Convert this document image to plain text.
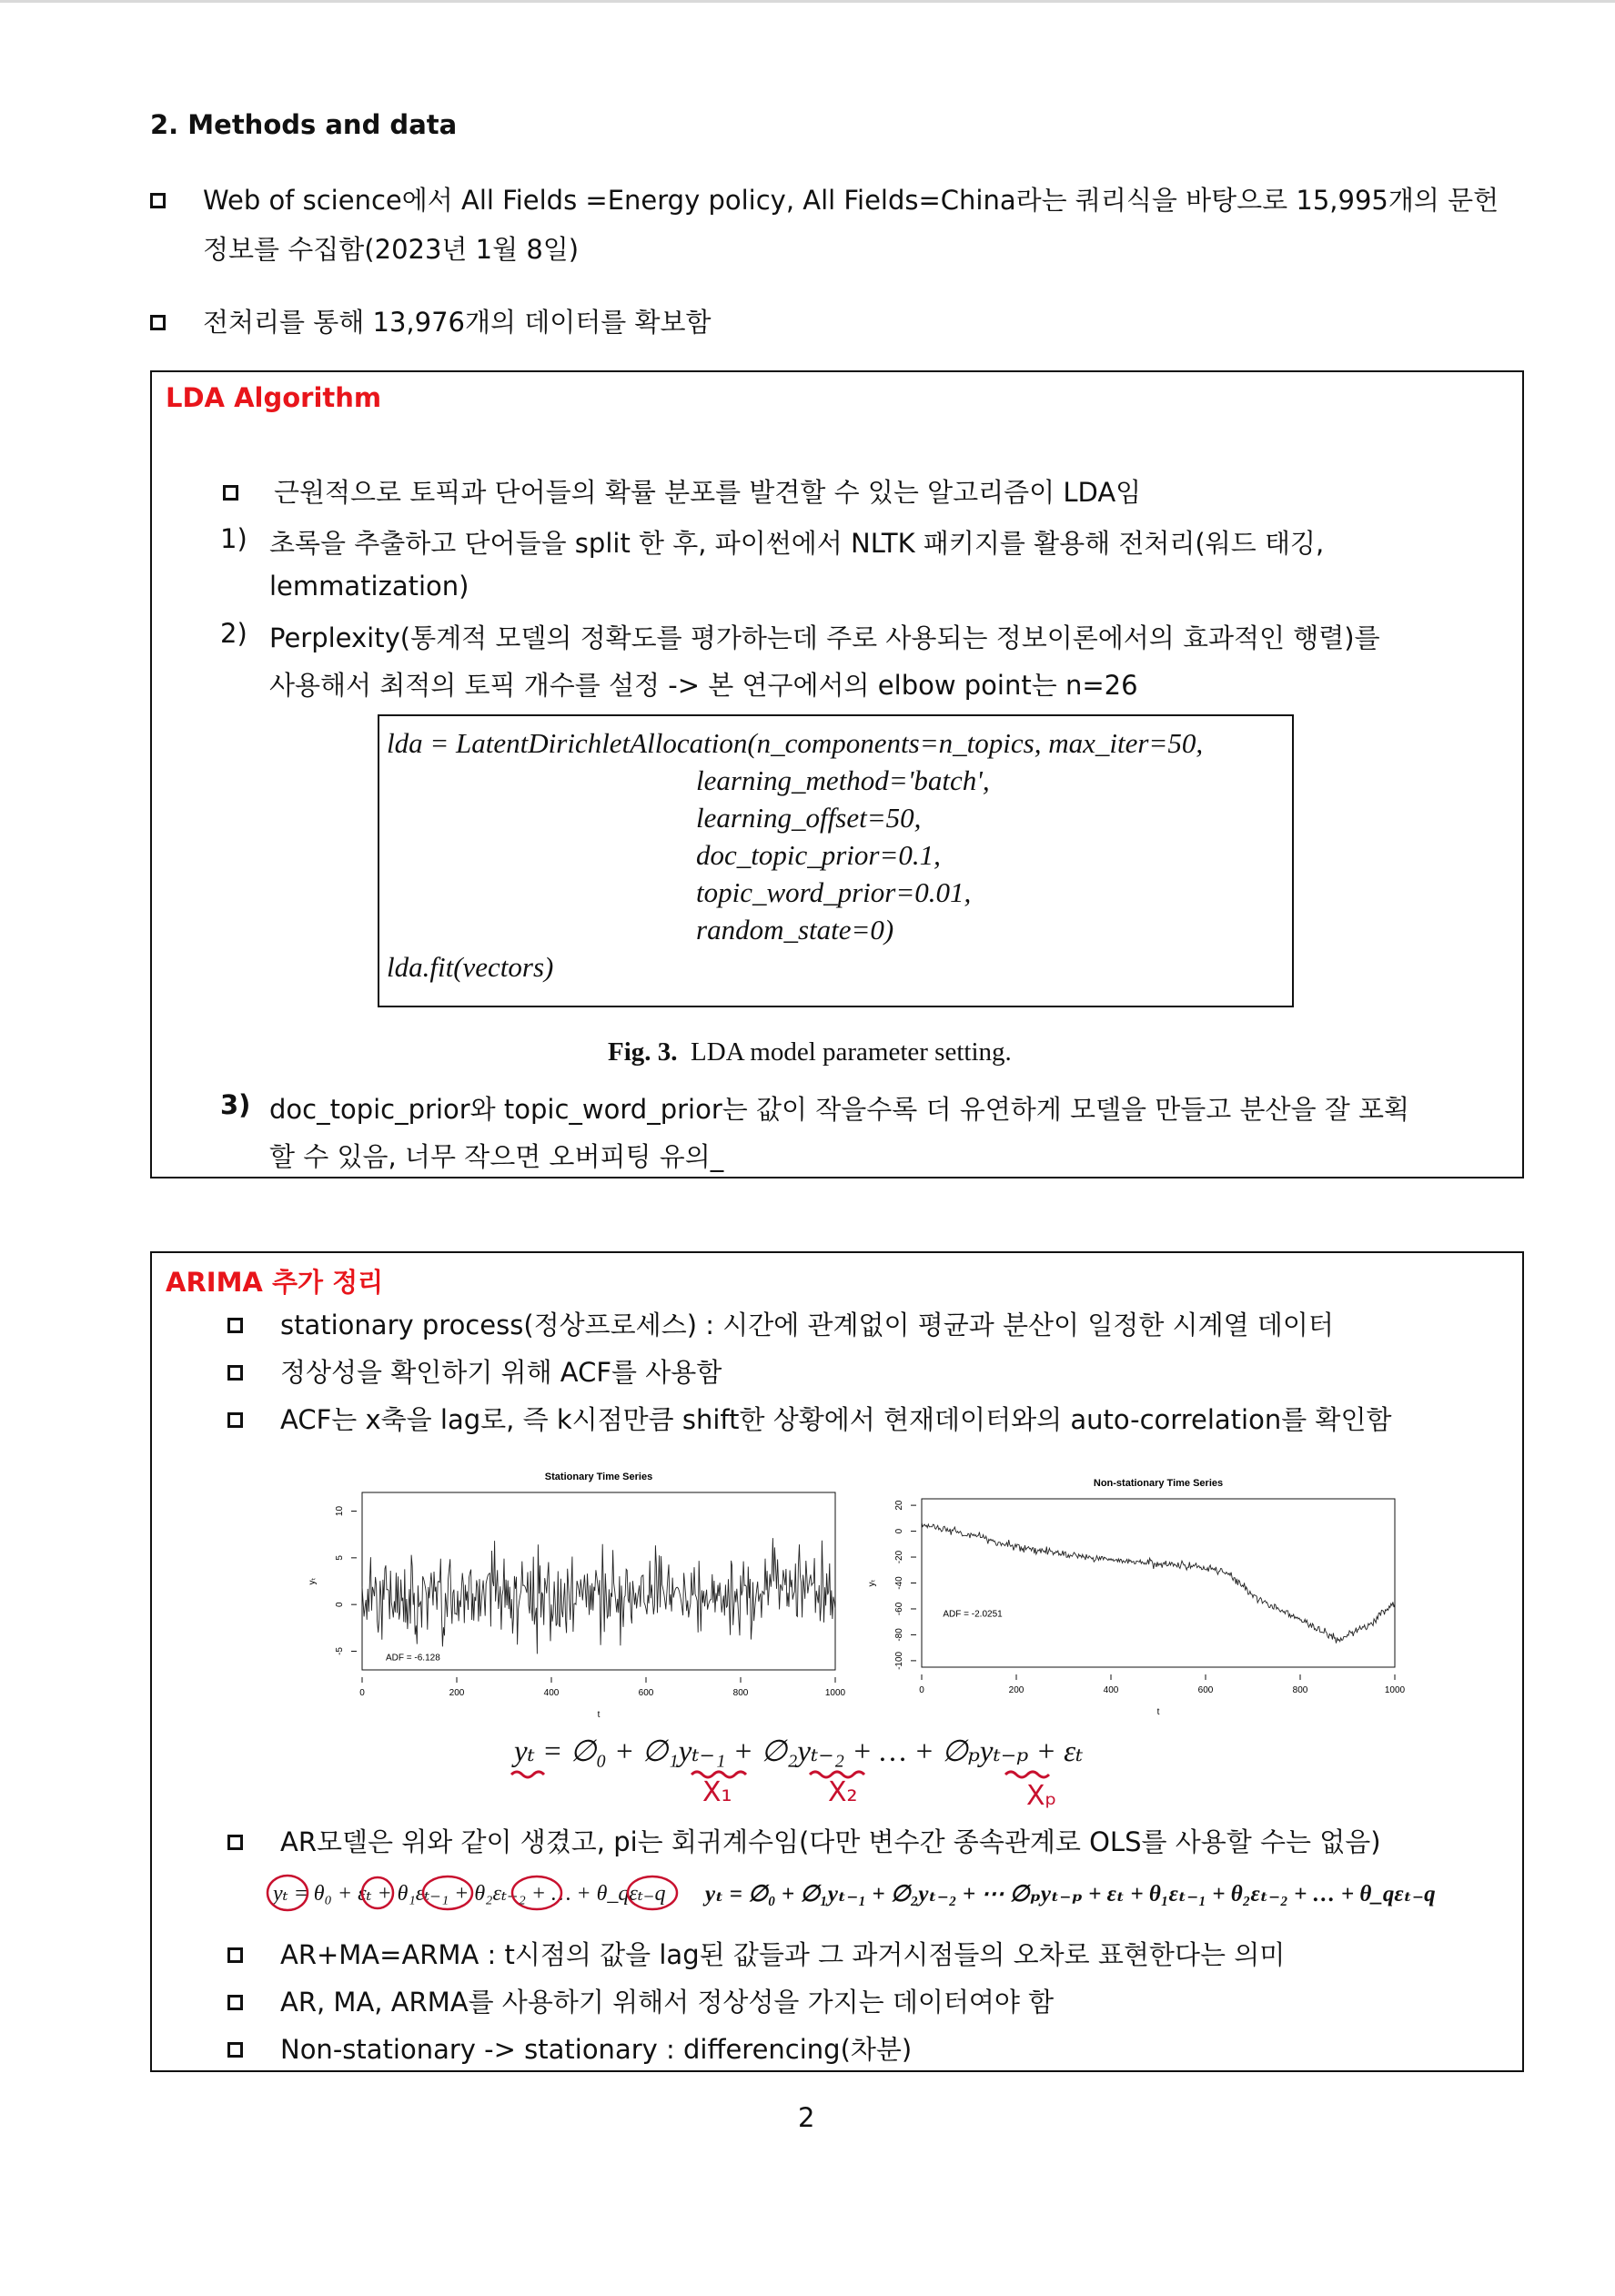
2. Methods and data
Web of science에서 All Fields =Energy policy, All Fields=China라는 쿼리식을 바탕으로 15,995개의 문헌
정보를 수집함(2023년 1월 8일)
전처리를 통해 13,976개의 데이터를 확보함
LDA Algorithm
근원적으로 토픽과 단어들의 확률 분포를 발견할 수 있는 알고리즘이 LDA임
1) 초록을 추출하고 단어들을 split 한 후, 파이썬에서 NLTK 패키지를 활용해 전처리(워드 태깅,
lemmatization)
2) Perplexity(통계적 모델의 정확도를 평가하는데 주로 사용되는 정보이론에서의 효과적인 행렬)를
사용해서 최적의 토픽 개수를 설정 -> 본 연구에서의 elbow point는 n=26
lda = LatentDirichletAllocation(n_components=n_topics, max_iter=50,
learning_method='batch',
learning_offset=50,
doc_topic_prior=0.1,
topic_word_prior=0.01,
random_state=0)
lda.fit(vectors)
Fig. 3. LDA model parameter setting.
3) doc_topic_prior와 topic_word_prior는 값이 작을수록 더 유연하게 모델을 만들고 분산을 잘 포획
할 수 있음, 너무 작으면 오버피팅 유의_
ARIMA 추가 정리
stationary process(정상프로세스) : 시간에 관계없이 평균과 분산이 일정한 시계열 데이터
정상성을 확인하기 위해 ACF를 사용함
ACF는 x축을 lag로, 즉 k시점만큼 shift한 상황에서 현재데이터와의 auto-correlation를 확인함
Stationary Time Series
0	200	400	600	800	1000
-5
0
5
10
t
yₜ
ADF = -6.128
Non-stationary Time Series
0	200	400	600	800	1000
-100
-80
-60
-40
-20
0
20
t
yₜ
ADF = -2.0251
yₜ = ∅₀ + ∅₁yₜ₋₁ + ∅₂yₜ₋₂ + … + ∅ₚyₜ₋ₚ + εₜ
X₁	X₂	Xₚ
AR모델은 위와 같이 생겼고, pi는 회귀계수임(다만 변수간 종속관계로 OLS를 사용할 수는 없음)
yₜ = θ₀ + εₜ + θ₁εₜ₋₁ + θ₂εₜ₋₂ + … + θ_qεₜ₋q yₜ = ∅₀ + ∅₁yₜ₋₁ + ∅₂yₜ₋₂ + ⋯ ∅ₚyₜ₋ₚ + εₜ + θ₁εₜ₋₁ + θ₂εₜ₋₂ + … + θ_qεₜ₋q
AR+MA=ARMA : t시점의 값을 lag된 값들과 그 과거시점들의 오차로 표현한다는 의미
AR, MA, ARMA를 사용하기 위해서 정상성을 가지는 데이터여야 함
Non-stationary -> stationary : differencing(차분)
2
